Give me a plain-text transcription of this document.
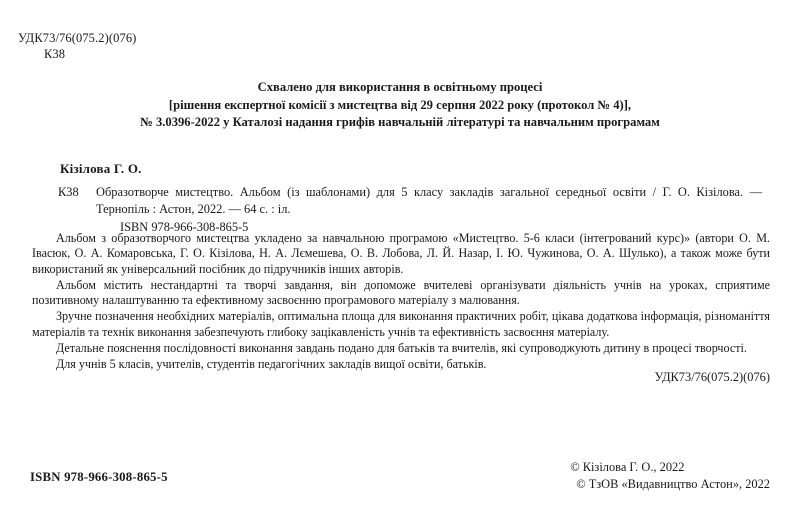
УДК73/76(075.2)(076)
К38
Схвалено для використання в освітньому процесі
[рішення експертної комісії з мистецтва від 29 серпня 2022 року (протокол № 4)],
№ 3.0396-2022 у Каталозі надання грифів навчальній літературі та навчальним програмам
Кізілова Г. О.
К38 Образотворче мистецтво. Альбом (із шаблонами) для 5 класу закладів загальної середньої освіти / Г. О. Кізілова. — Тернопіль : Астон, 2022. — 64 с. : іл.
ISBN 978-966-308-865-5

Альбом з образотворчого мистецтва укладено за навчальною програмою «Мистецтво. 5-6 класи (інтегрований курс)» (автори О. М. Івасюк, О. А. Комаровська, Г. О. Кізілова, Н. А. Лємешева, О. В. Лобова, Л. Й. Назар, І. Ю. Чужинова, О. А. Шулько), а також може бути використаний як універсальний посібник до підручників інших авторів.

Альбом містить нестандартні та творчі завдання, він допоможе вчителеві організувати діяльність учнів на уроках, сприятиме позитивному налаштуванню та ефективному засвоєнню програмового матеріалу з малювання.

Зручне позначення необхідних матеріалів, оптимальна площа для виконання практичних робіт, цікава додаткова інформація, різноманіття матеріалів та технік виконання забезпечують глибоку зацікавленість учнів та ефективність засвоєння матеріалу.

Детальне пояснення послідовності виконання завдань подано для батьків та вчителів, які супроводжують дитину в процесі творчості.

Для учнів 5 класів, учителів, студентів педагогічних закладів вищої освіти, батьків.

УДК73/76(075.2)(076)
ISBN 978-966-308-865-5
© Кізілова Г. О., 2022
© ТзОВ «Видавництво Астон», 2022
